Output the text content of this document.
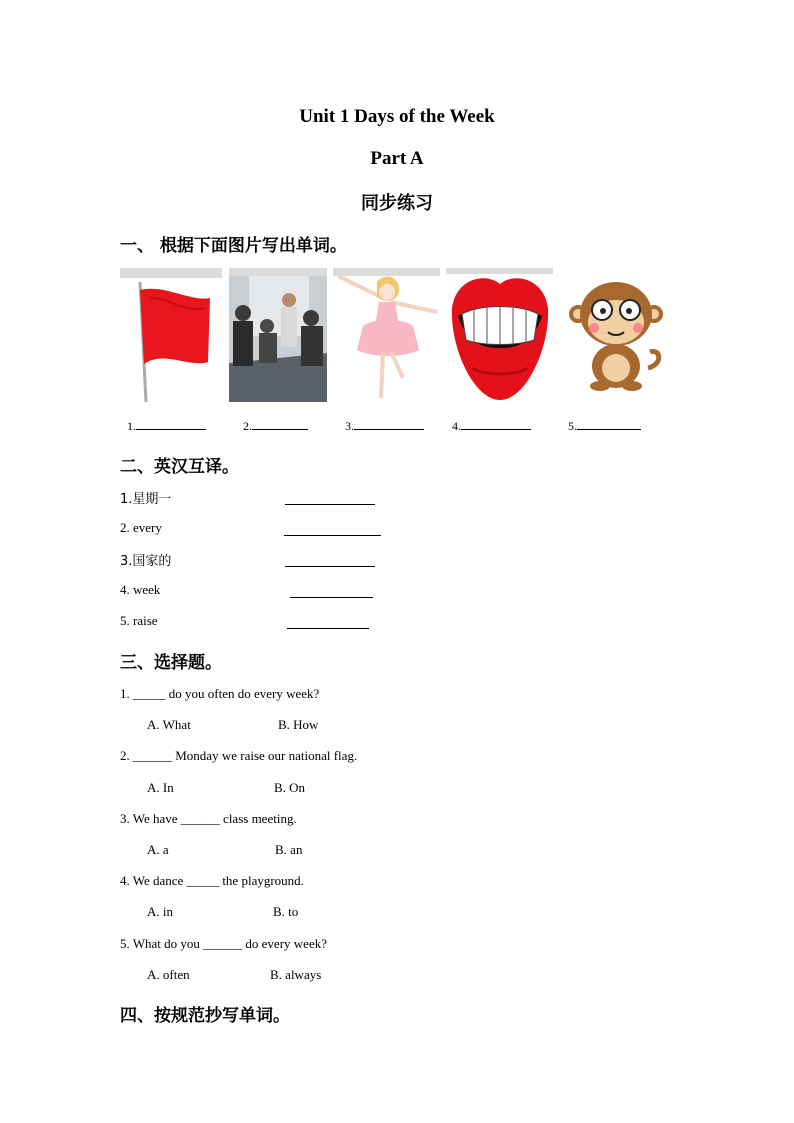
Unit 1 Days of the Week
Part A
同步练习
一、 根据下面图片写出单词。
1.	2.	3.	4.	5.
二、英汉互译。
1.星期一
2. every
3.国家的
4. week
5. raise
三、选择题。
1. _____ do you often do every week?
A. What	B. How
2. ______ Monday we raise our national flag.
A. In	B. On
3. We have ______ class meeting.
A. a	B. an
4. We dance _____ the playground.
A. in	B. to
5. What do you ______ do every week?
A. often	B. always
四、按规范抄写单词。
